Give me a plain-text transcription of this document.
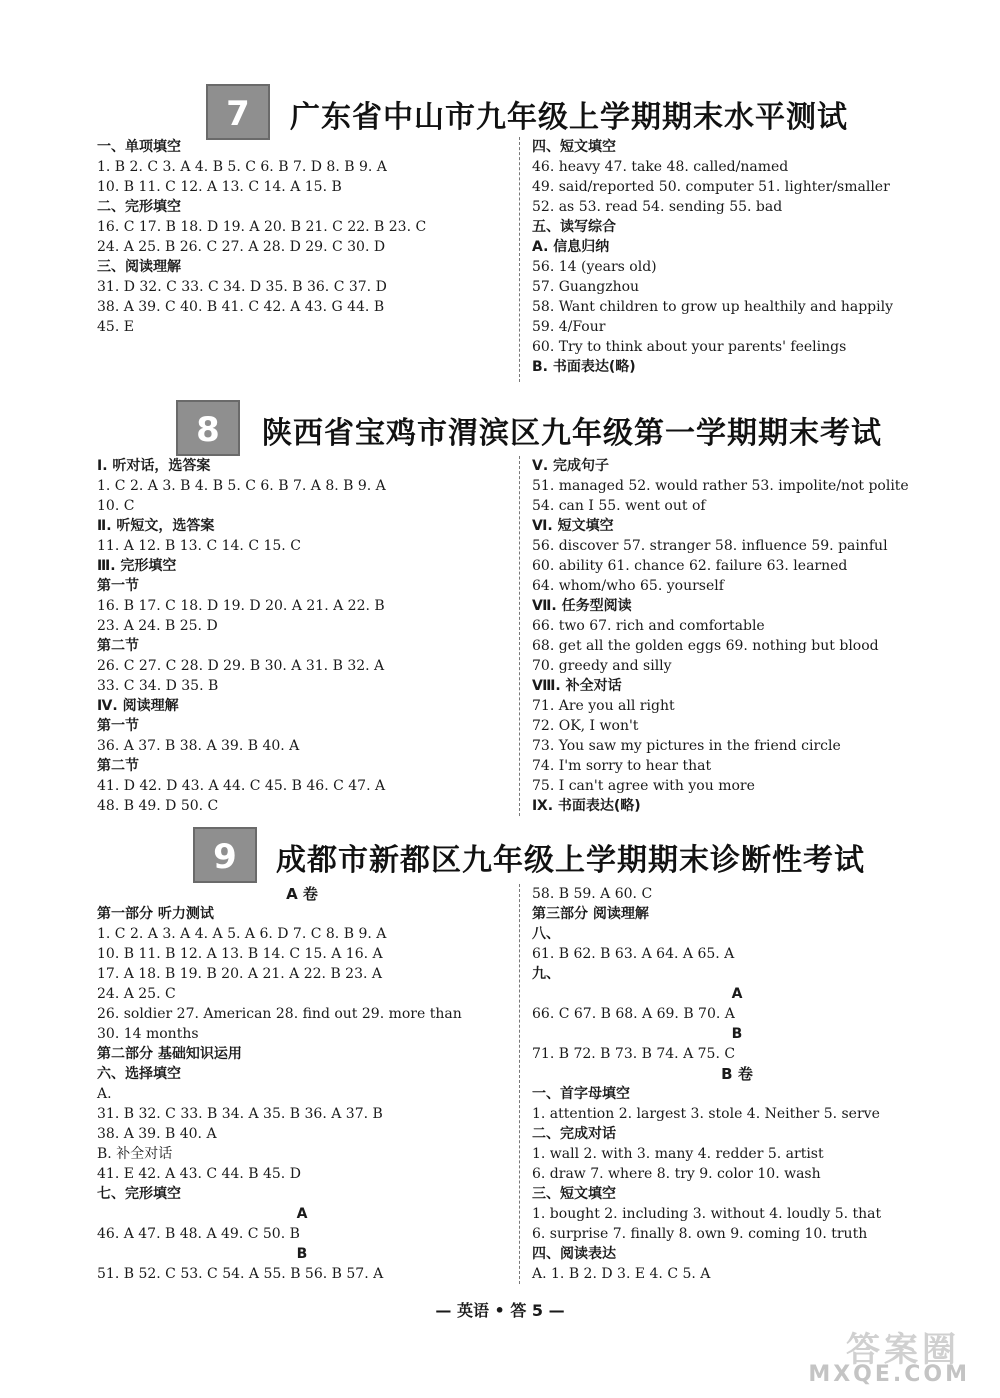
7	广东省中山市九年级上学期期末水平测试
一、单项填空
1. B 2. C 3. A 4. B 5. C 6. B 7. D 8. B 9. A
10. B 11. C 12. A 13. C 14. A 15. B
二、完形填空
16. C 17. B 18. D 19. A 20. B 21. C 22. B 23. C
24. A 25. B 26. C 27. A 28. D 29. C 30. D
三、阅读理解
31. D 32. C 33. C 34. D 35. B 36. C 37. D
38. A 39. C 40. B 41. C 42. A 43. G 44. B
45. E
四、短文填空
46. heavy 47. take 48. called/named
49. said/reported 50. computer 51. lighter/smaller
52. as 53. read 54. sending 55. bad
五、读写综合
A. 信息归纳
56. 14 (years old)
57. Guangzhou
58. Want children to grow up healthily and happily
59. 4/Four
60. Try to think about your parents' feelings
B. 书面表达(略)
8	陕西省宝鸡市渭滨区九年级第一学期期末考试
Ⅰ. 听对话，选答案
1. C 2. A 3. B 4. B 5. C 6. B 7. A 8. B 9. A
10. C
Ⅱ. 听短文，选答案
11. A 12. B 13. C 14. C 15. C
Ⅲ. 完形填空
第一节
16. B 17. C 18. D 19. D 20. A 21. A 22. B
23. A 24. B 25. D
第二节
26. C 27. C 28. D 29. B 30. A 31. B 32. A
33. C 34. D 35. B
Ⅳ. 阅读理解
第一节
36. A 37. B 38. A 39. B 40. A
第二节
41. D 42. D 43. A 44. C 45. B 46. C 47. A
48. B 49. D 50. C
Ⅴ. 完成句子
51. managed 52. would rather 53. impolite/not polite
54. can I 55. went out of
Ⅵ. 短文填空
56. discover 57. stranger 58. influence 59. painful
60. ability 61. chance 62. failure 63. learned
64. whom/who 65. yourself
Ⅶ. 任务型阅读
66. two 67. rich and comfortable
68. get all the golden eggs 69. nothing but blood
70. greedy and silly
Ⅷ. 补全对话
71. Are you all right
72. OK, I won't
73. You saw my pictures in the friend circle
74. I'm sorry to hear that
75. I can't agree with you more
Ⅸ. 书面表达(略)
9	成都市新都区九年级上学期期末诊断性考试
A 卷
第一部分 听力测试
1. C 2. A 3. A 4. A 5. A 6. D 7. C 8. B 9. A
10. B 11. B 12. A 13. B 14. C 15. A 16. A
17. A 18. B 19. B 20. A 21. A 22. B 23. A
24. A 25. C
26. soldier 27. American 28. find out 29. more than
30. 14 months
第二部分 基础知识运用
六、选择填空
A.
31. B 32. C 33. B 34. A 35. B 36. A 37. B
38. A 39. B 40. A
B. 补全对话
41. E 42. A 43. C 44. B 45. D
七、完形填空
A
46. A 47. B 48. A 49. C 50. B
B
51. B 52. C 53. C 54. A 55. B 56. B 57. A
58. B 59. A 60. C
第三部分 阅读理解
八、
61. B 62. B 63. A 64. A 65. A
九、
A
66. C 67. B 68. A 69. B 70. A
B
71. B 72. B 73. B 74. A 75. C
B 卷
一、首字母填空
1. attention 2. largest 3. stole 4. Neither 5. serve
二、完成对话
1. wall 2. with 3. many 4. redder 5. artist
6. draw 7. where 8. try 9. color 10. wash
三、短文填空
1. bought 2. including 3. without 4. loudly 5. that
6. surprise 7. finally 8. own 9. coming 10. truth
四、阅读表达
A. 1. B 2. D 3. E 4. C 5. A
— 英语 • 答 5 —
答案圈
MXQE.COM
